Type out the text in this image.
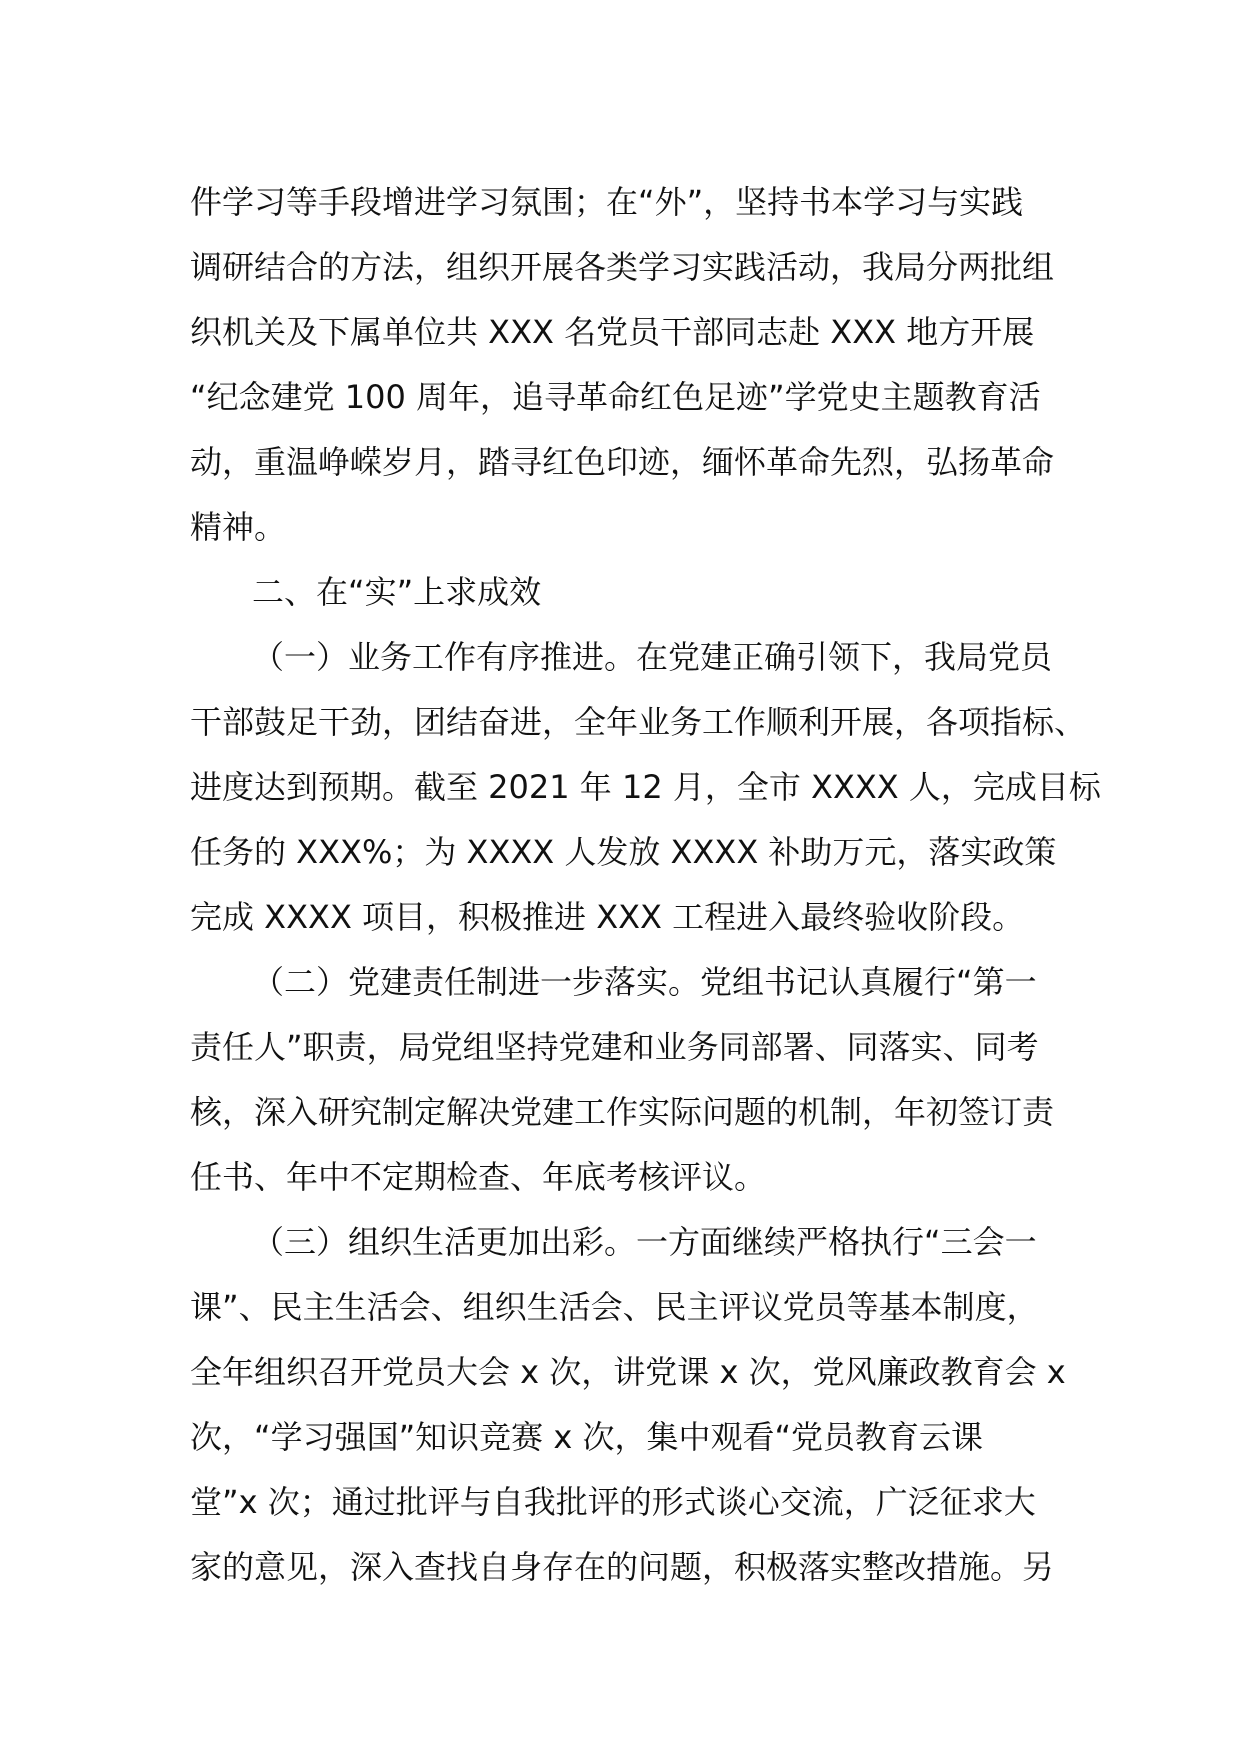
件学习等手段增进学习氛围；在“外”，坚持书本学习与实践
调研结合的方法，组织开展各类学习实践活动，我局分两批组
织机关及下属单位共 XXX 名党员干部同志赴 XXX 地方开展
“纪念建党 100 周年，追寻革命红色足迹”学党史主题教育活
动，重温峥嵘岁月，踏寻红色印迹，缅怀革命先烈，弘扬革命
精神。
二、在“实”上求成效
（一）业务工作有序推进。在党建正确引领下，我局党员
干部鼓足干劲，团结奋进，全年业务工作顺利开展，各项指标、
进度达到预期。截至 2021 年 12 月，全市 XXXX 人，完成目标
任务的 XXX%；为 XXXX 人发放 XXXX 补助万元，落实政策
完成 XXXX 项目，积极推进 XXX 工程进入最终验收阶段。
（二）党建责任制进一步落实。党组书记认真履行“第一
责任人”职责，局党组坚持党建和业务同部署、同落实、同考
核，深入研究制定解决党建工作实际问题的机制，年初签订责
任书、年中不定期检查、年底考核评议。
（三）组织生活更加出彩。一方面继续严格执行“三会一
课”、民主生活会、组织生活会、民主评议党员等基本制度，
全年组织召开党员大会 x 次，讲党课 x 次，党风廉政教育会 x
次，“学习强国”知识竞赛 x 次，集中观看“党员教育云课
堂”x 次；通过批评与自我批评的形式谈心交流，广泛征求大
家的意见，深入查找自身存在的问题，积极落实整改措施。另
